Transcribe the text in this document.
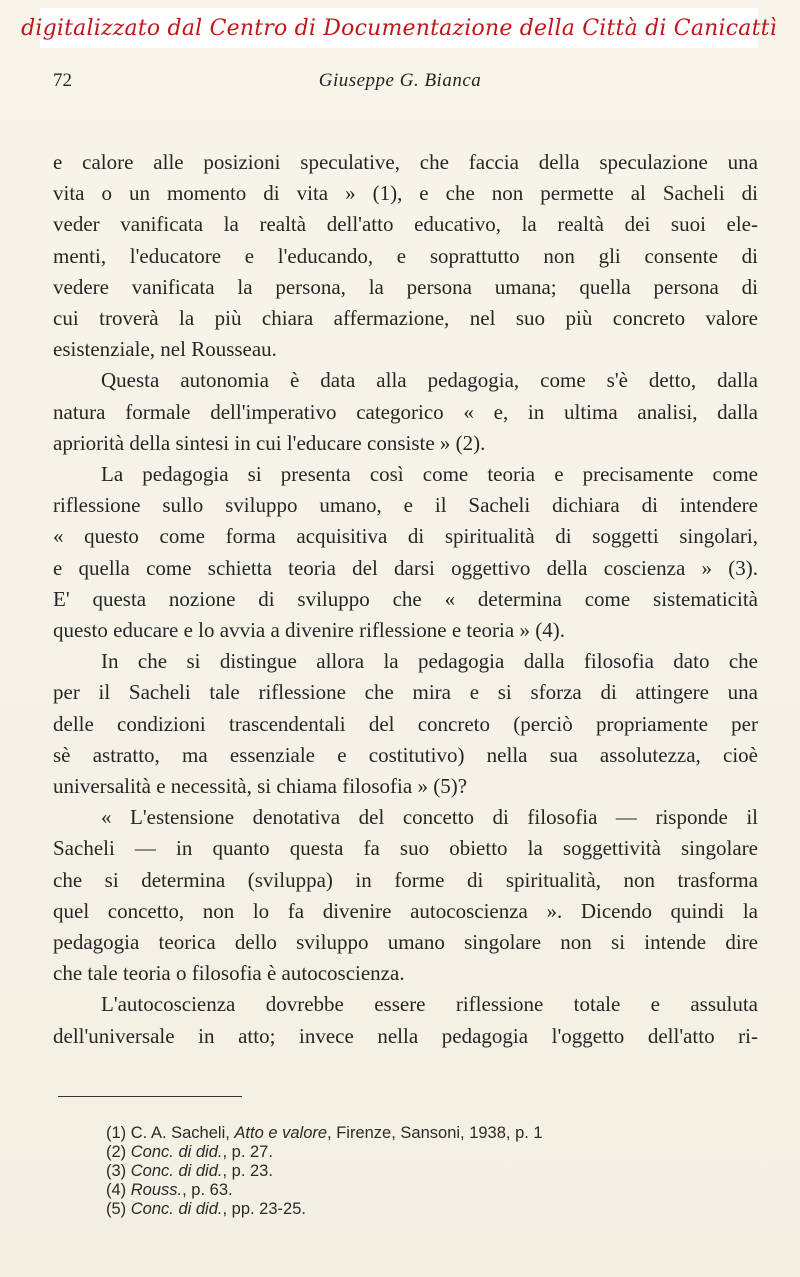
digitalizzato dal Centro di Documentazione della Città di Canicattì
72	Giuseppe G. Bianca

e calore alle posizioni speculative, che faccia della speculazione una
vita o un momento di vita » (1), e che non permette al Sacheli di
veder vanificata la realtà dell'atto educativo, la realtà dei suoi ele-
menti, l'educatore e l'educando, e soprattutto non gli consente di
vedere vanificata la persona, la persona umana; quella persona di
cui troverà la più chiara affermazione, nel suo più concreto valore
esistenziale, nel Rousseau.

Questa autonomia è data alla pedagogia, come s'è detto, dalla
natura formale dell'imperativo categorico « e, in ultima analisi, dalla
apriorità della sintesi in cui l'educare consiste » (2).

La pedagogia si presenta così come teoria e precisamente come
riflessione sullo sviluppo umano, e il Sacheli dichiara di intendere
« questo come forma acquisitiva di spiritualità di soggetti singolari,
e quella come schietta teoria del darsi oggettivo della coscienza » (3).
E' questa nozione di sviluppo che « determina come sistematicità
questo educare e lo avvia a divenire riflessione e teoria » (4).

In che si distingue allora la pedagogia dalla filosofia dato che
per il Sacheli tale riflessione che mira e si sforza di attingere una
delle condizioni trascendentali del concreto (perciò propriamente per
sè astratto, ma essenziale e costitutivo) nella sua assolutezza, cioè
universalità e necessità, si chiama filosofia » (5)?

« L'estensione denotativa del concetto di filosofia — risponde il
Sacheli — in quanto questa fa suo obietto la soggettività singolare
che si determina (sviluppa) in forme di spiritualità, non trasforma
quel concetto, non lo fa divenire autocoscienza ». Dicendo quindi la
pedagogia teorica dello sviluppo umano singolare non si intende dire
che tale teoria o filosofia è autocoscienza.

L'autocoscienza dovrebbe essere riflessione totale e assuluta
dell'universale in atto; invece nella pedagogia l'oggetto dell'atto ri-

(1) C. A. Sacheli, Atto e valore, Firenze, Sansoni, 1938, p. 1
(2) Conc. di did., p. 27.
(3) Conc. di did., p. 23.
(4) Rouss., p. 63.
(5) Conc. di did., pp. 23-25.
